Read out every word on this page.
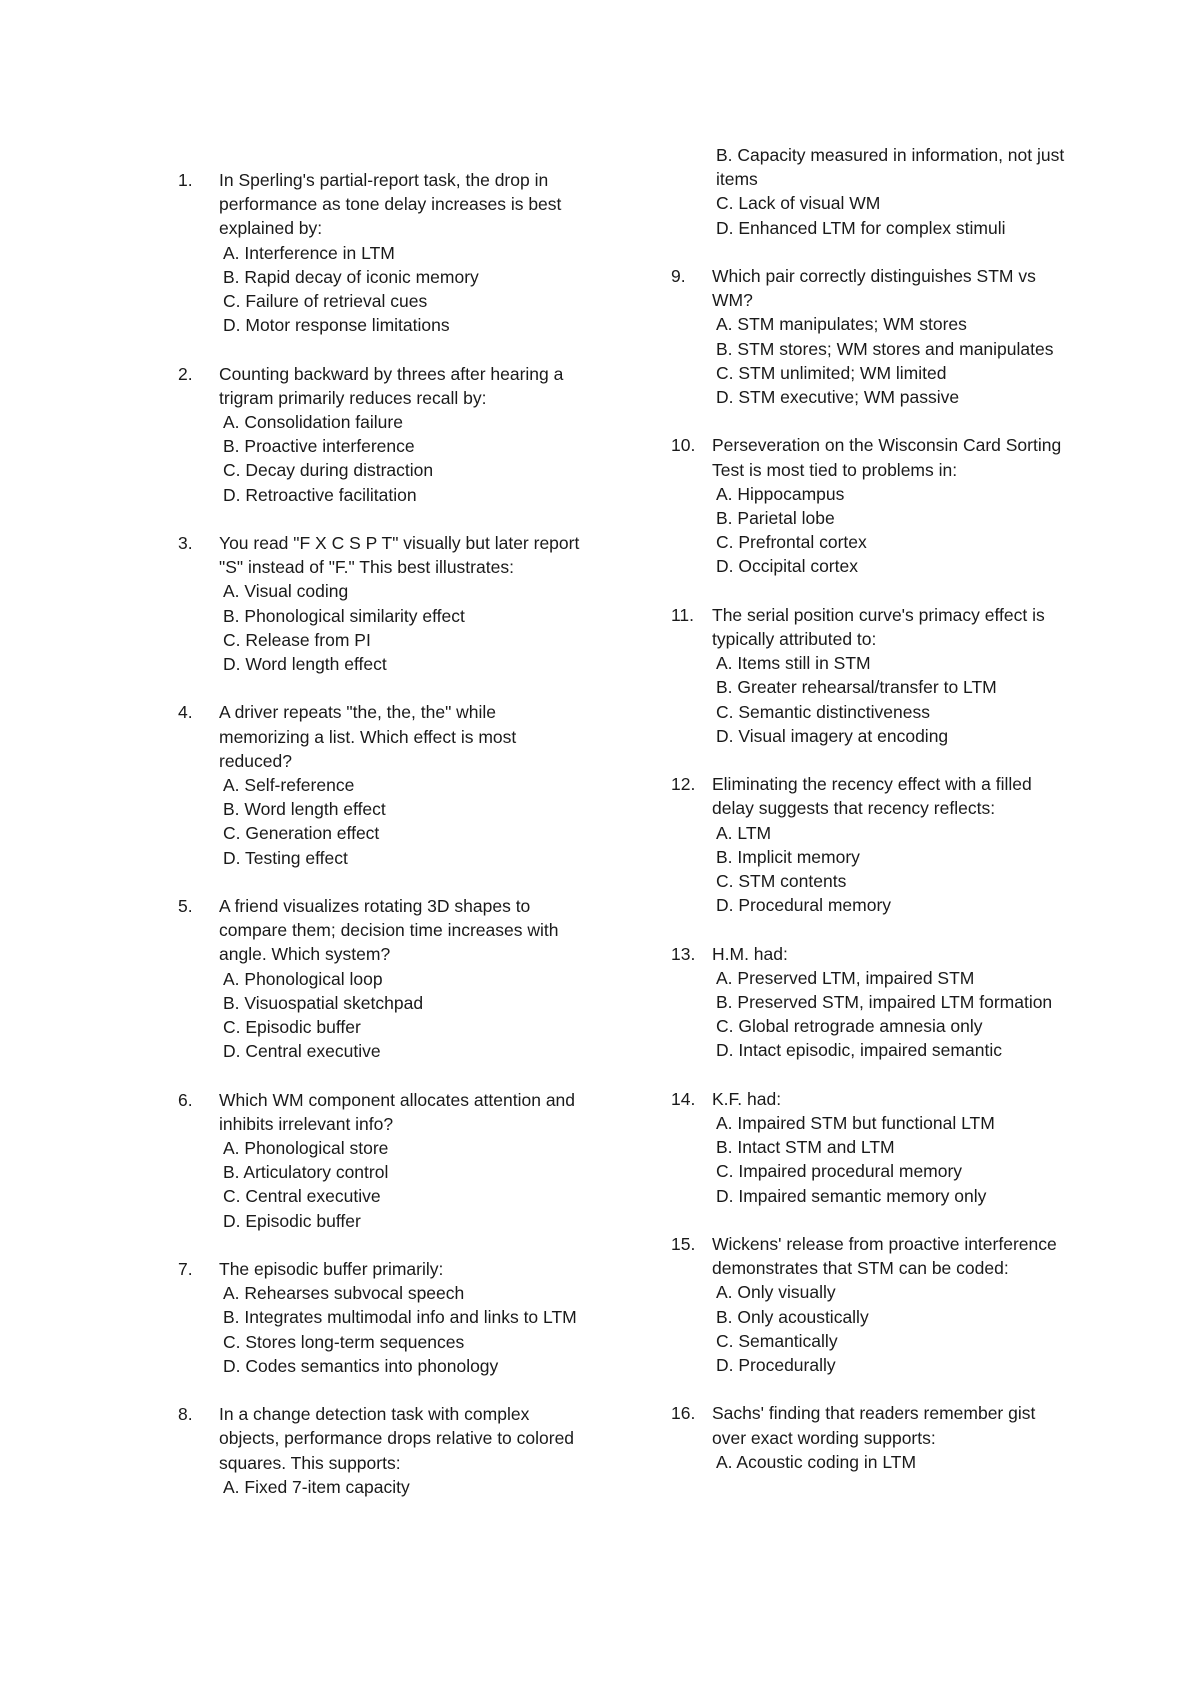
1.	In Sperling's partial-report task, the drop in performance as tone delay increases is best explained by:
A. Interference in LTM
B. Rapid decay of iconic memory
C. Failure of retrieval cues
D. Motor response limitations
2.	Counting backward by threes after hearing a trigram primarily reduces recall by:
A. Consolidation failure
B. Proactive interference
C. Decay during distraction
D. Retroactive facilitation
3.	You read "F X C S P T" visually but later report "S" instead of "F." This best illustrates:
A. Visual coding
B. Phonological similarity effect
C. Release from PI
D. Word length effect
4.	A driver repeats "the, the, the" while memorizing a list. Which effect is most reduced?
A. Self-reference
B. Word length effect
C. Generation effect
D. Testing effect
5.	A friend visualizes rotating 3D shapes to compare them; decision time increases with angle. Which system?
A. Phonological loop
B. Visuospatial sketchpad
C. Episodic buffer
D. Central executive
6.	Which WM component allocates attention and inhibits irrelevant info?
A. Phonological store
B. Articulatory control
C. Central executive
D. Episodic buffer
7.	The episodic buffer primarily:
A. Rehearses subvocal speech
B. Integrates multimodal info and links to LTM
C. Stores long-term sequences
D. Codes semantics into phonology
8.	In a change detection task with complex objects, performance drops relative to colored squares. This supports:
A. Fixed 7-item capacity
B. Capacity measured in information, not just items
C. Lack of visual WM
D. Enhanced LTM for complex stimuli
9.	Which pair correctly distinguishes STM vs WM?
A. STM manipulates; WM stores
B. STM stores; WM stores and manipulates
C. STM unlimited; WM limited
D. STM executive; WM passive
10. Perseveration on the Wisconsin Card Sorting Test is most tied to problems in:
A. Hippocampus
B. Parietal lobe
C. Prefrontal cortex
D. Occipital cortex
11.	The serial position curve's primacy effect is typically attributed to:
A. Items still in STM
B. Greater rehearsal/transfer to LTM
C. Semantic distinctiveness
D. Visual imagery at encoding
12. Eliminating the recency effect with a filled delay suggests that recency reflects:
A. LTM
B. Implicit memory
C. STM contents
D. Procedural memory
13. H.M. had:
A. Preserved LTM, impaired STM
B. Preserved STM, impaired LTM formation
C. Global retrograde amnesia only
D. Intact episodic, impaired semantic
14. K.F. had:
A. Impaired STM but functional LTM
B. Intact STM and LTM
C. Impaired procedural memory
D. Impaired semantic memory only
15. Wickens' release from proactive interference demonstrates that STM can be coded:
A. Only visually
B. Only acoustically
C. Semantically
D. Procedurally
16. Sachs' finding that readers remember gist over exact wording supports:
A. Acoustic coding in LTM
